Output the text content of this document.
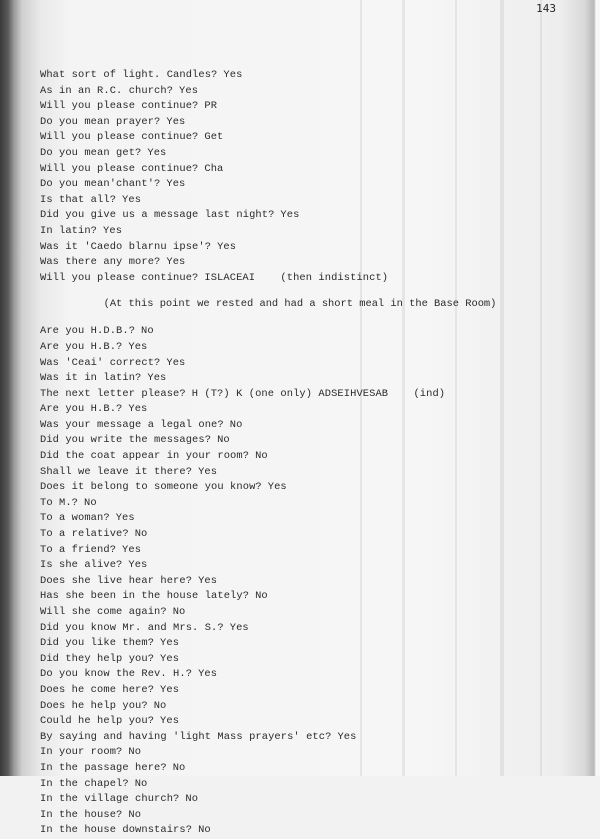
143
What sort of light. Candles? Yes
As in an R.C. church? Yes
Will you please continue? PR
Do you mean prayer? Yes
Will you please continue? Get
Do you mean get? Yes
Will you please continue? Cha
Do you mean'chant'? Yes
Is that all? Yes
Did you give us a message last night? Yes
In latin? Yes
Was it 'Caedo blarnu ipse'? Yes
Was there any more? Yes
Will you please continue? ISLACEAI    (then indistinct)
(At this point we rested and had a short meal in the Base Room)
Are you H.D.B.? No
Are you H.B.? Yes
Was 'Ceai' correct? Yes
Was it in latin? Yes
The next letter please? H (T?) K (one only) ADSEIHVESAB    (ind)
Are you H.B.? Yes
Was your message a legal one? No
Did you write the messages? No
Did the coat appear in your room? No
Shall we leave it there? Yes
Does it belong to someone you know? Yes
To M.? No
To a woman? Yes
To a relative? No
To a friend? Yes
Is she alive? Yes
Does she live hear here? Yes
Has she been in the house lately? No
Will she come again? No
Did you know Mr. and Mrs. S.? Yes
Did you like them? Yes
Did they help you? Yes
Do you know the Rev. H.? Yes
Does he come here? Yes
Does he help you? No
Could he help you? Yes
By saying and having 'light Mass prayers' etc? Yes
In your room? No
In the passage here? No
In the chapel? No
In the village church? No
In the house? No
In the house downstairs? No
